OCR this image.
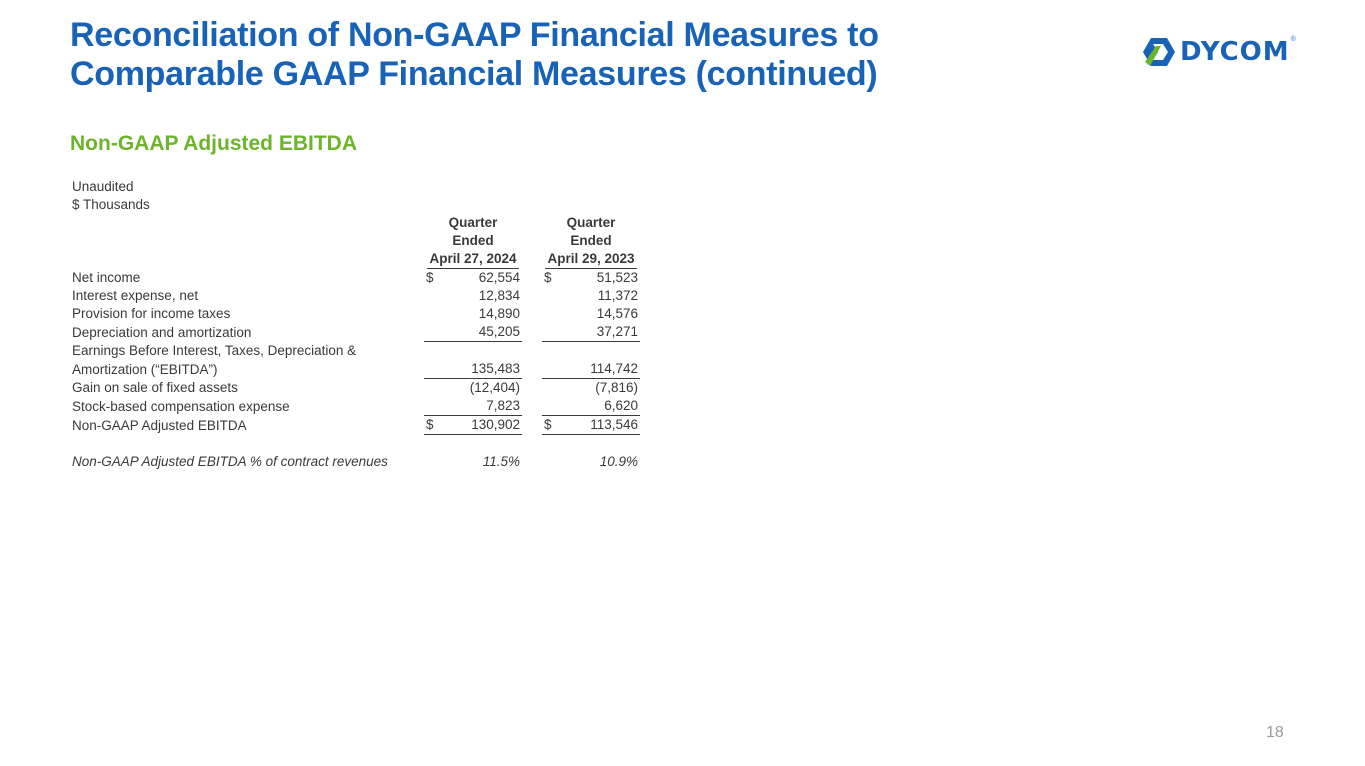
Reconciliation of Non-GAAP Financial Measures to
Comparable GAAP Financial Measures (continued)
DYCOM ®
Non-GAAP Adjusted EBITDA
Unaudited
$ Thousands
	Quarter		Quarter
	Ended		Ended
	April 27, 2024		April 29, 2023
Net income	$ 62,554		$ 51,523
Interest expense, net	12,834		11,372
Provision for income taxes	14,890		14,576
Depreciation and amortization	45,205		37,271
Earnings Before Interest, Taxes, Depreciation &			
Amortization (“EBITDA”)	135,483		114,742
Gain on sale of fixed assets	(12,404)		(7,816)
Stock-based compensation expense	7,823		6,620
Non-GAAP Adjusted EBITDA	$ 130,902		$ 113,546

Non-GAAP Adjusted EBITDA % of contract revenues	11.5%		10.9%
18
